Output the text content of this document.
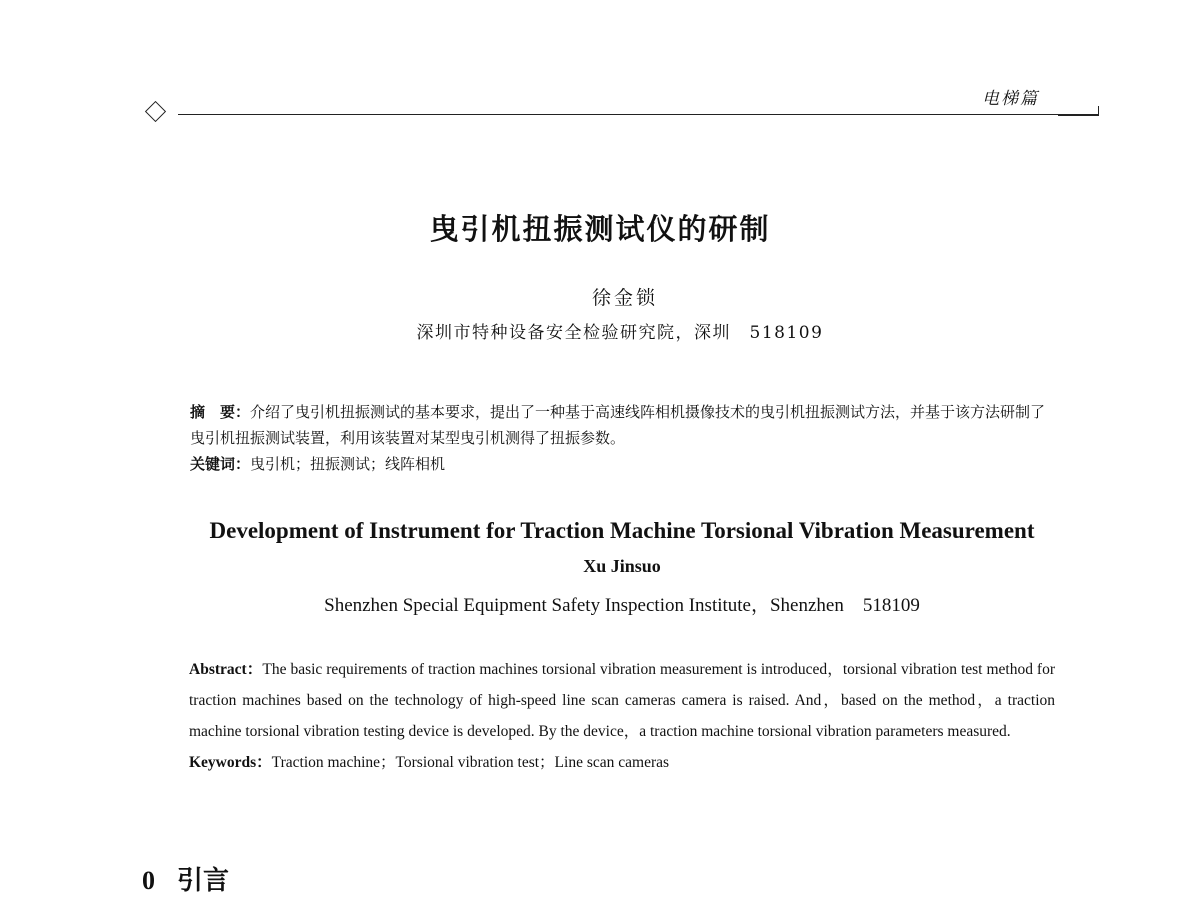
电梯篇
曳引机扭振测试仪的研制
徐金锁
深圳市特种设备安全检验研究院，深圳　518109

摘　要：介绍了曳引机扭振测试的基本要求，提出了一种基于高速线阵相机摄像技术的曳引机扭振测试方法，并基于该方法研制了曳引机扭振测试装置，利用该装置对某型曳引机测得了扭振参数。

关键词：曳引机；扭振测试；线阵相机

Development of Instrument for Traction Machine Torsional Vibration Measurement
Xu Jinsuo
Shenzhen Special Equipment Safety Inspection Institute，Shenzhen　518109

Abstract：The basic requirements of traction machines torsional vibration measurement is introduced，torsional vibration test method for traction machines based on the technology of high-speed line scan cameras camera is raised. And，based on the method，a traction machine torsional vibration testing device is developed. By the device，a traction machine torsional vibration parameters measured.

Keywords：Traction machine；Torsional vibration test；Line scan cameras

0 引言
